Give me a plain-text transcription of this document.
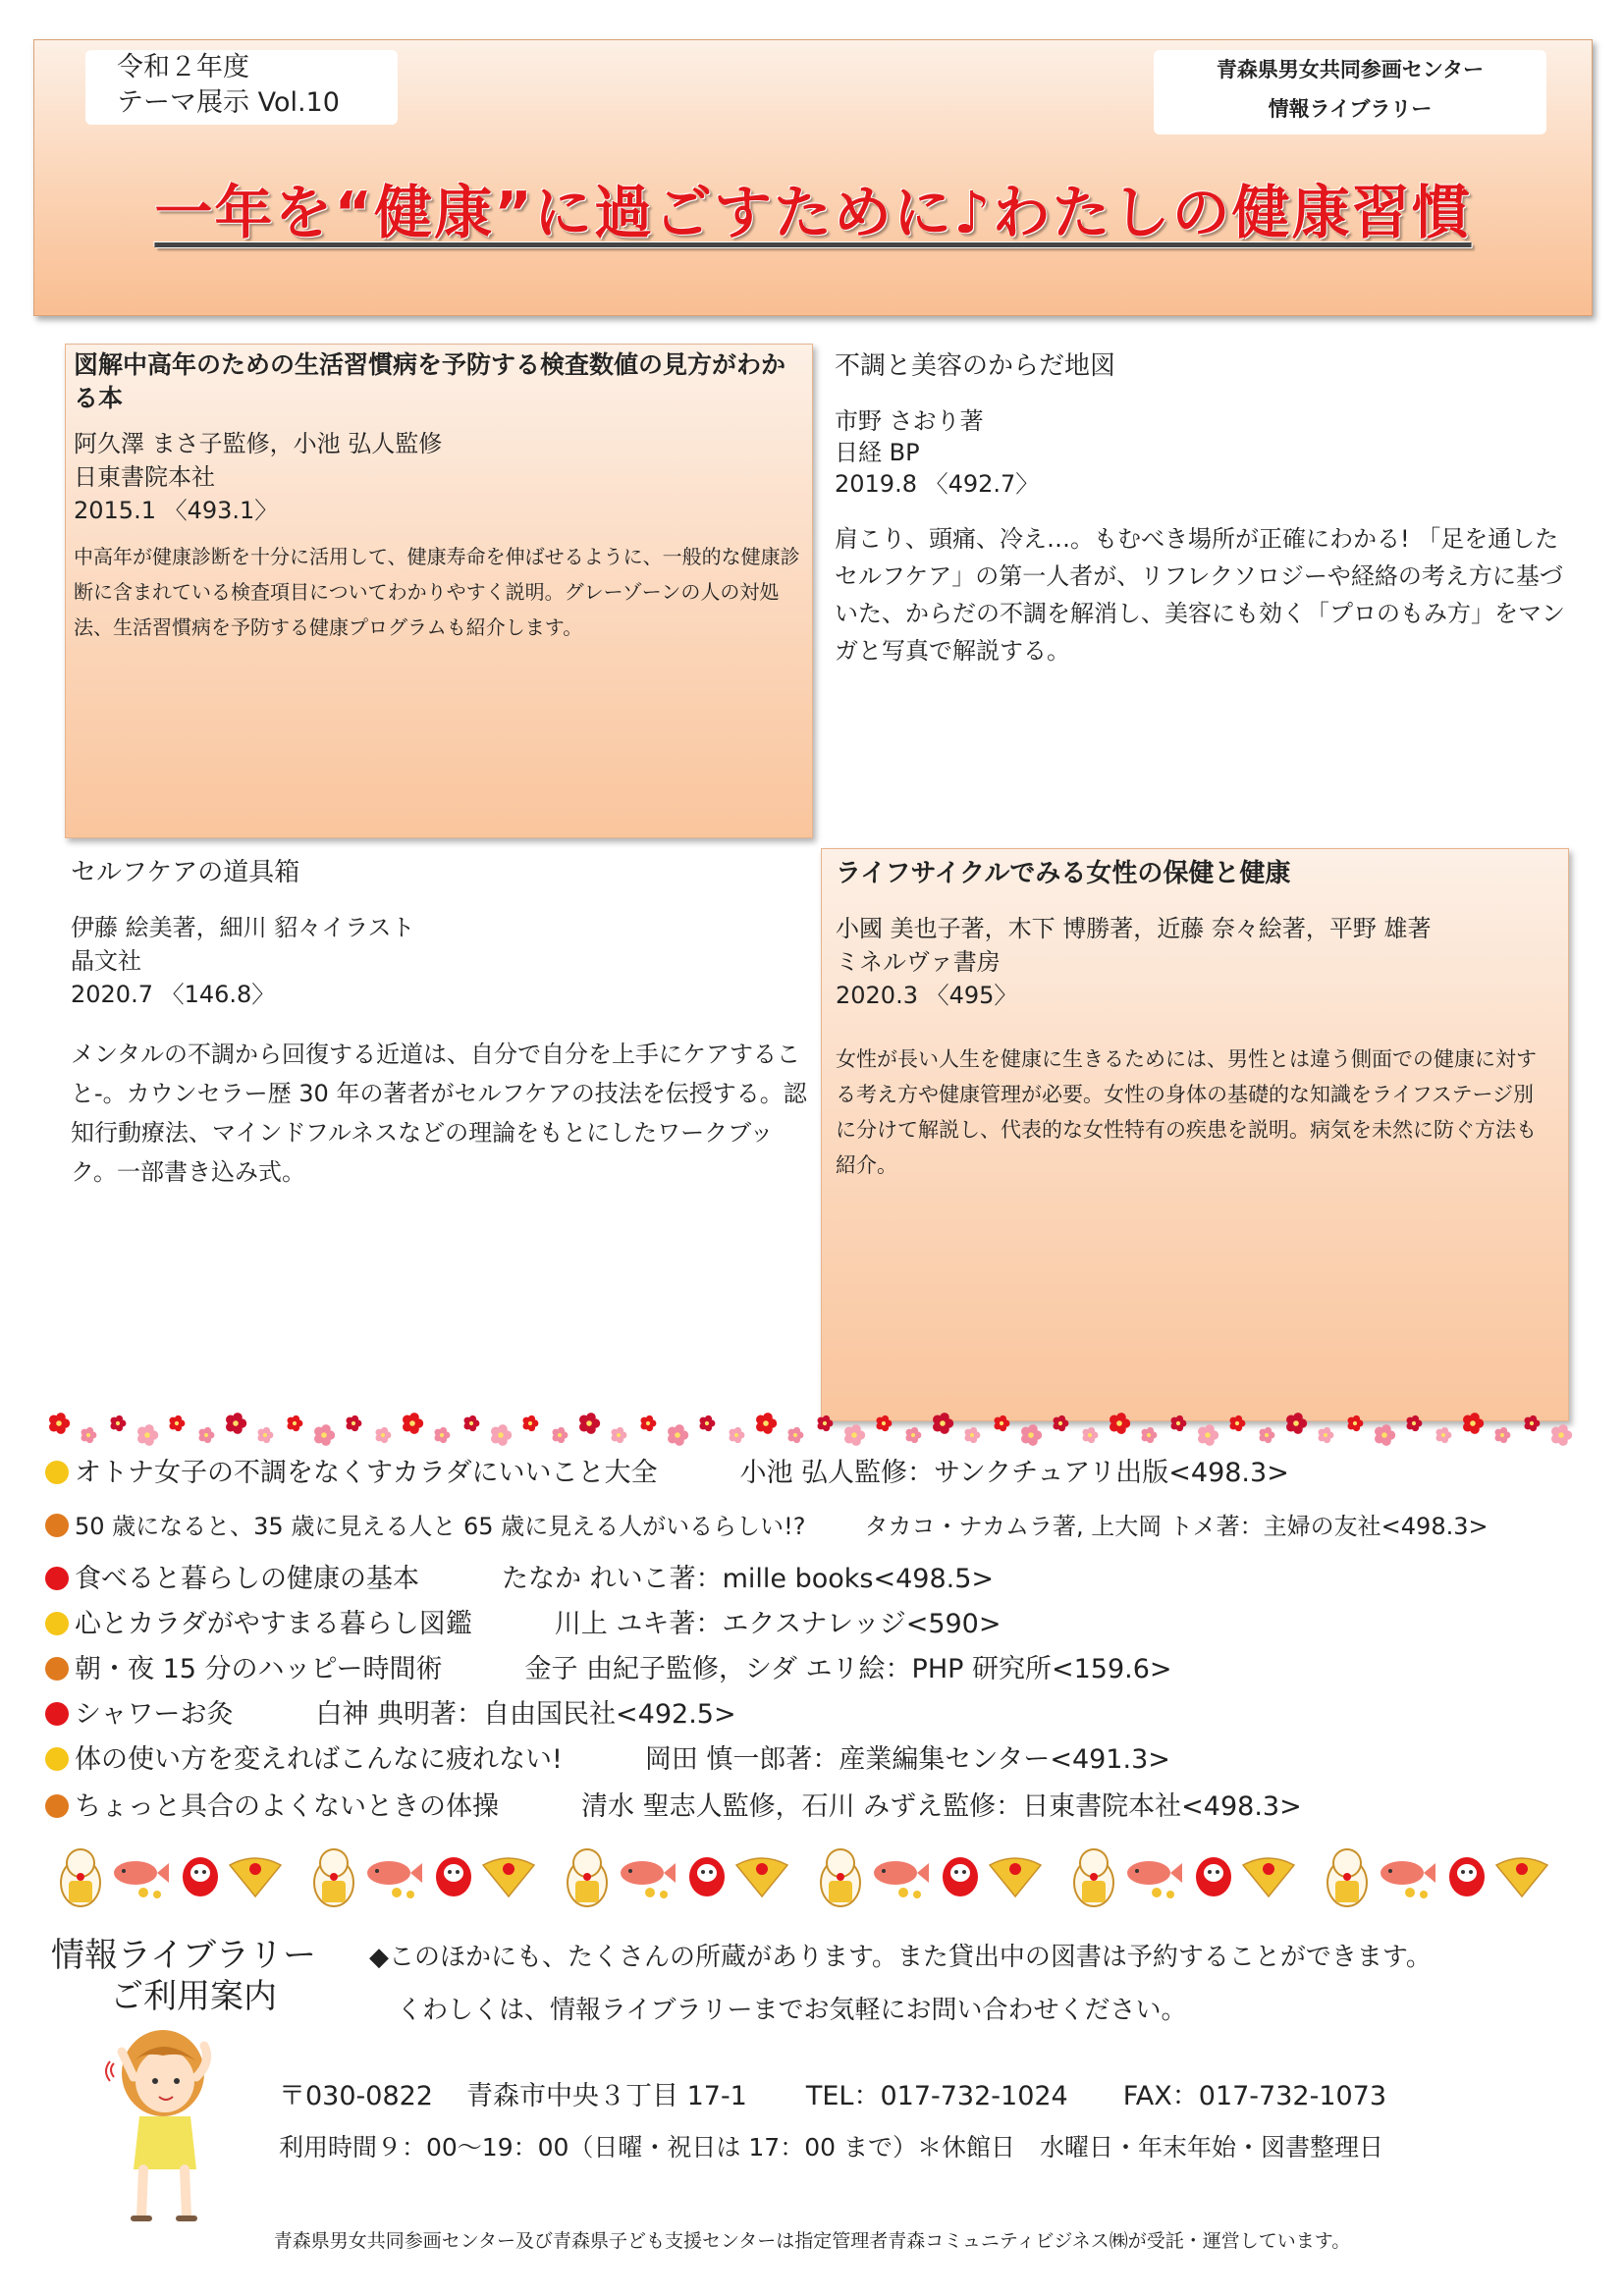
令和２年度
テーマ展示 Vol.10
青森県男女共同参画センター
情報ライブラリー
一年を“健康”に過ごすために♪わたしの健康習慣
図解中高年のための生活習慣病を予防する検査数値の見方がわかる本
阿久澤 まさ子監修，小池 弘人監修
日東書院本社
2015.1 〈493.1〉
中高年が健康診断を十分に活用して、健康寿命を伸ばせるように、一般的な健康診断に含まれている検査項目についてわかりやすく説明。グレーゾーンの人の対処法、生活習慣病を予防する健康プログラムも紹介します。
不調と美容のからだ地図
市野 さおり著
日経 BP
2019.8 〈492.7〉
肩こり、頭痛、冷え…。もむべき場所が正確にわかる! 「足を通したセルフケア」の第一人者が、リフレクソロジーや経絡の考え方に基づいた、からだの不調を解消し、美容にも効く「プロのもみ方」をマンガと写真で解説する。
セルフケアの道具箱
伊藤 絵美著，細川 貂々イラスト
晶文社
2020.7 〈146.8〉
メンタルの不調から回復する近道は、自分で自分を上手にケアすること-。カウンセラー歴 30 年の著者がセルフケアの技法を伝授する。認知行動療法、マインドフルネスなどの理論をもとにしたワークブック。一部書き込み式。
ライフサイクルでみる女性の保健と健康
小國 美也子著，木下 博勝著，近藤 奈々絵著，平野 雄著
ミネルヴァ書房
2020.3 〈495〉
女性が長い人生を健康に生きるためには、男性とは違う側面での健康に対する考え方や健康管理が必要。女性の身体の基礎的な知識をライフステージ別に分けて解説し、代表的な女性特有の疾患を説明。病気を未然に防ぐ方法も紹介。
オトナ女子の不調をなくすカラダにいいこと大全	小池 弘人監修：サンクチュアリ出版<498.3>
50 歳になると、35 歳に見える人と 65 歳に見える人がいるらしい!?	タカコ・ナカムラ著, 上大岡 トメ著：主婦の友社<498.3>
食べると暮らしの健康の基本	たなか れいこ著：mille books<498.5>
心とカラダがやすまる暮らし図鑑	川上 ユキ著：エクスナレッジ<590>
朝・夜 15 分のハッピー時間術	金子 由紀子監修，シダ エリ絵：PHP 研究所<159.6>
シャワーお灸	白神 典明著：自由国民社<492.5>
体の使い方を変えればこんなに疲れない!	岡田 慎一郎著：産業編集センター<491.3>
ちょっと具合のよくないときの体操	清水 聖志人監修，石川 みずえ監修：日東書院本社<498.3>
情報ライブラリー
ご利用案内
◆このほかにも、たくさんの所蔵があります。また貸出中の図書は予約することができます。
くわしくは、情報ライブラリーまでお気軽にお問い合わせください。
〒030-0822 青森市中央３丁目 17-1 TEL：017-732-1024 FAX：017-732-1073
利用時間９：00～19：00（日曜・祝日は 17：00 まで）＊休館日　水曜日・年末年始・図書整理日
青森県男女共同参画センター及び青森県子ども支援センターは指定管理者青森コミュニティビジネス㈱が受託・運営しています。
